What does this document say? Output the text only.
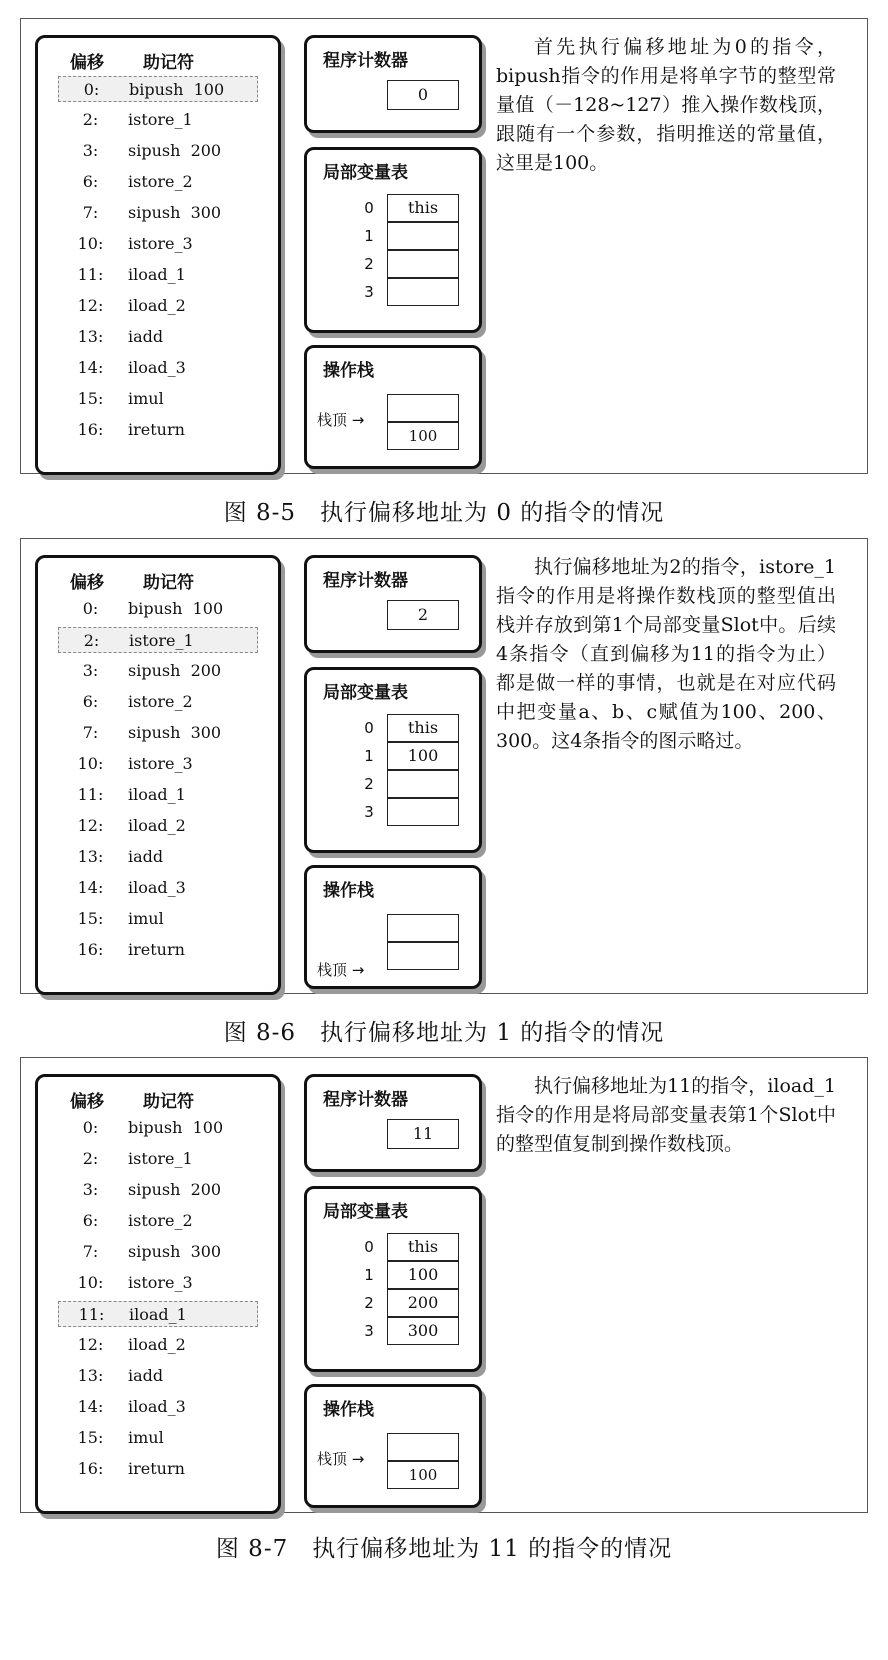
偏移 助记符
0:	bipush  100
2:	istore_1
3:	sipush  200
6:	istore_2
7:	sipush  300
10:	istore_3
11:	iload_1
12:	iload_2
13:	iadd
14:	iload_3
15:	imul
16:	ireturn
程序计数器
0
局部变量表
0	this
1
2
3
操作栈
100
栈顶 →
首先执行偏移地址为0的指令，bipush指令的作用是将单字节的整型常量值（－128~127）推入操作数栈顶，跟随有一个参数，指明推送的常量值，这里是100。
图 8-5　执行偏移地址为 0 的指令的情况
偏移 助记符
0:	bipush  100
2:	istore_1
3:	sipush  200
6:	istore_2
7:	sipush  300
10:	istore_3
11:	iload_1
12:	iload_2
13:	iadd
14:	iload_3
15:	imul
16:	ireturn
程序计数器
2
局部变量表
0	this
1	100
2
3
操作栈
栈顶 →
执行偏移地址为2的指令，istore_1指令的作用是将操作数栈顶的整型值出栈并存放到第1个局部变量Slot中。后续4条指令（直到偏移为11的指令为止）都是做一样的事情，也就是在对应代码中把变量a、b、c赋值为100、200、300。这4条指令的图示略过。
图 8-6　执行偏移地址为 1 的指令的情况
偏移 助记符
0:	bipush  100
2:	istore_1
3:	sipush  200
6:	istore_2
7:	sipush  300
10:	istore_3
11:	iload_1
12:	iload_2
13:	iadd
14:	iload_3
15:	imul
16:	ireturn
程序计数器
11
局部变量表
0	this
1	100
2	200
3	300
操作栈
100
栈顶 →
执行偏移地址为11的指令，iload_1指令的作用是将局部变量表第1个Slot中的整型值复制到操作数栈顶。
图 8-7　执行偏移地址为 11 的指令的情况
